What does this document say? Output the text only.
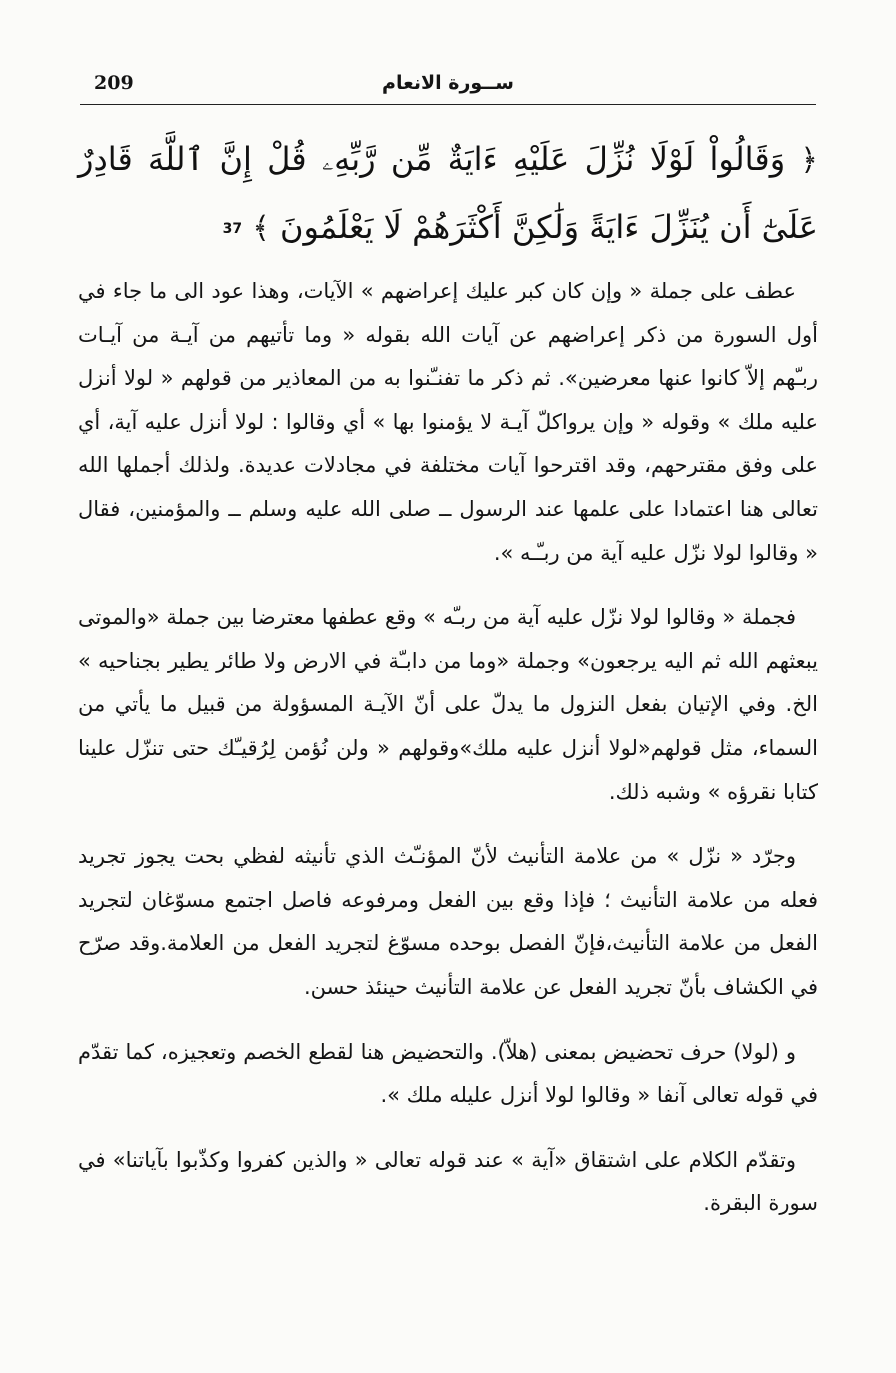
209	ســورة الانعام
﴿ وَقَالُواْ لَوْلَا نُزِّلَ عَلَيْهِ ءَايَةٌ مِّن رَّبِّهِۦ قُلْ إِنَّ ٱللَّهَ قَادِرٌ عَلَىٰٓ أَن يُنَزِّلَ ءَايَةً وَلَٰكِنَّ أَكْثَرَهُمْ لَا يَعْلَمُونَ ﴾ 37

عطف على جملة « وإن كان كبر عليك إعراضهم » الآيات، وهذا عود الى ما جاء في أول السورة من ذكر إعراضهم عن آيات الله بقوله « وما تأتيهم من آيـة من آيـات ربـّهم إلاّ كانوا عنها معرضين». ثم ذكر ما تفنـّنوا به من المعاذير من قولهم « لولا أنزل عليه ملك » وقوله « وإن يرواكلّ آيـة لا يؤمنوا بها » أي وقالوا : لولا أنزل عليه آية، أي على وفق مقترحهم، وقد اقترحوا آيات مختلفة في مجادلات عديدة. ولذلك أجملها الله تعالى هنا اعتمادا على علمها عند الرسول ــ صلى الله عليه وسلم ــ والمؤمنين، فقال « وقالوا لولا نزّل عليه آية من ربـّـه ».

فجملة « وقالوا لولا نزّل عليه آية من ربـّه » وقع عطفها معترضا بين جملة «والموتى يبعثهم الله ثم اليه يرجعون» وجملة «وما من دابـّة في الارض ولا طائر يطير بجناحيه » الخ. وفي الإتيان بفعل النزول ما يدلّ على أنّ الآيـة المسؤولة من قبيل ما يأتي من السماء، مثل قولهم«لولا أنزل عليه ملك»وقولهم « ولن نُؤمن لِرُقيـّك حتى تنزّل علينا كتابا نقرؤه » وشبه ذلك.

وجرّد « نزّل » من علامة التأنيث لأنّ المؤنـّث الذي تأنيثه لفظي بحت يجوز تجريد فعله من علامة التأنيث ؛ فإذا وقع بين الفعل ومرفوعه فاصل اجتمع مسوّغان لتجريد الفعل من علامة التأنيث،فإنّ الفصل بوحده مسوّغ لتجريد الفعل من العلامة.وقد صرّح في الكشاف بأنّ تجريد الفعل عن علامة التأنيث حينئذ حسن.

و (لولا) حرف تحضيض بمعنى (هلاّ). والتحضيض هنا لقطع الخصم وتعجيزه، كما تقدّم في قوله تعالى آنفا « وقالوا لولا أنزل عليله ملك ».

وتقدّم الكلام على اشتقاق «آية » عند قوله تعالى « والذين كفروا وكذّبوا بآياتنا» في سورة البقرة.
